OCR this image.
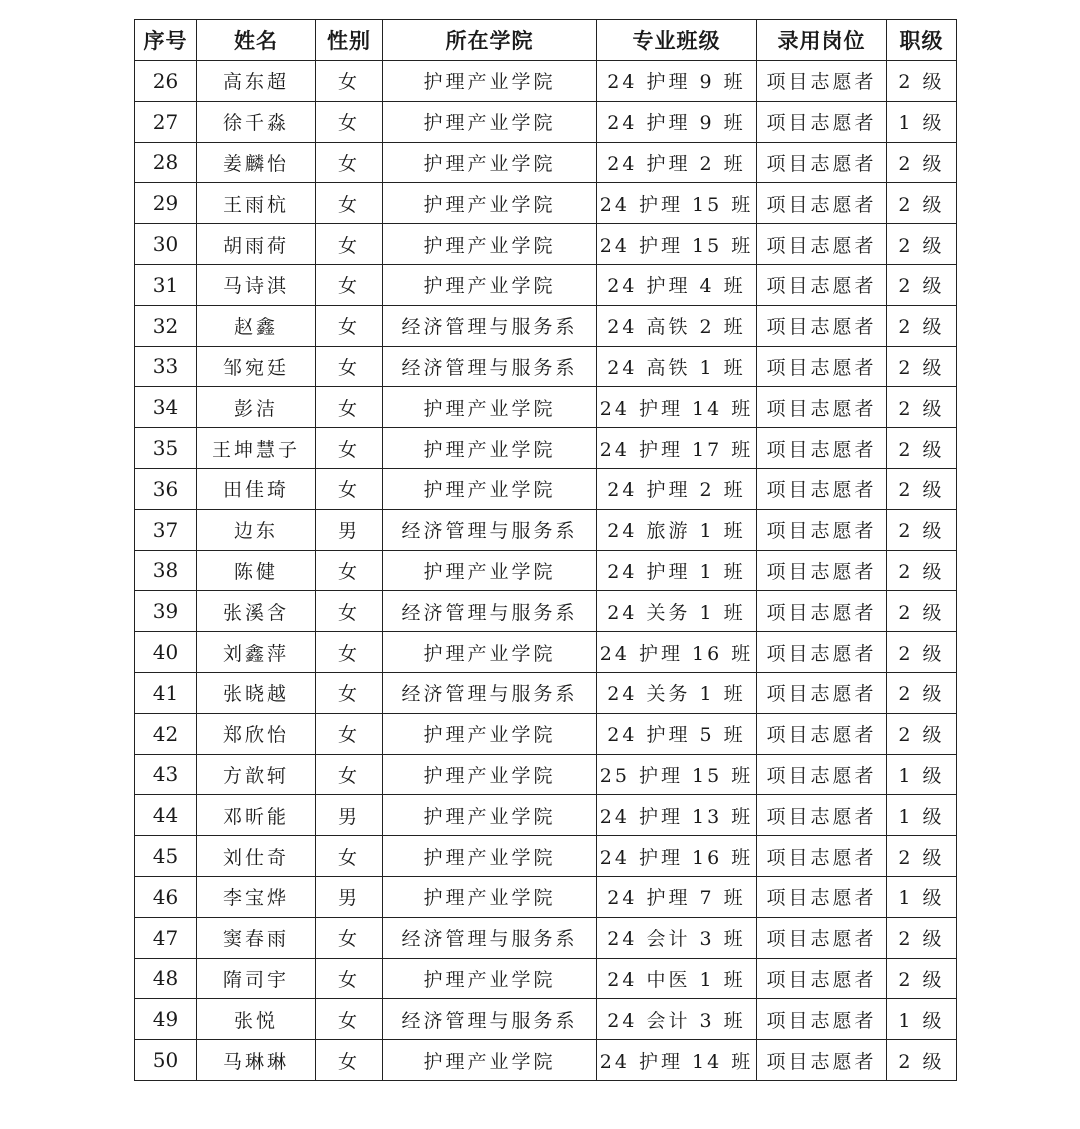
序号	姓名	性别	所在学院	专业班级	录用岗位	职级
26	高东超	女	护理产业学院	24 护理 9 班	项目志愿者	2 级
27	徐千淼	女	护理产业学院	24 护理 9 班	项目志愿者	1 级
28	姜麟怡	女	护理产业学院	24 护理 2 班	项目志愿者	2 级
29	王雨杭	女	护理产业学院	24 护理 15 班	项目志愿者	2 级
30	胡雨荷	女	护理产业学院	24 护理 15 班	项目志愿者	2 级
31	马诗淇	女	护理产业学院	24 护理 4 班	项目志愿者	2 级
32	赵鑫	女	经济管理与服务系	24 高铁 2 班	项目志愿者	2 级
33	邹宛廷	女	经济管理与服务系	24 高铁 1 班	项目志愿者	2 级
34	彭洁	女	护理产业学院	24 护理 14 班	项目志愿者	2 级
35	王坤慧子	女	护理产业学院	24 护理 17 班	项目志愿者	2 级
36	田佳琦	女	护理产业学院	24 护理 2 班	项目志愿者	2 级
37	边东	男	经济管理与服务系	24 旅游 1 班	项目志愿者	2 级
38	陈健	女	护理产业学院	24 护理 1 班	项目志愿者	2 级
39	张溪含	女	经济管理与服务系	24 关务 1 班	项目志愿者	2 级
40	刘鑫萍	女	护理产业学院	24 护理 16 班	项目志愿者	2 级
41	张晓越	女	经济管理与服务系	24 关务 1 班	项目志愿者	2 级
42	郑欣怡	女	护理产业学院	24 护理 5 班	项目志愿者	2 级
43	方歆轲	女	护理产业学院	25 护理 15 班	项目志愿者	1 级
44	邓昕能	男	护理产业学院	24 护理 13 班	项目志愿者	1 级
45	刘仕奇	女	护理产业学院	24 护理 16 班	项目志愿者	2 级
46	李宝烨	男	护理产业学院	24 护理 7 班	项目志愿者	1 级
47	窦春雨	女	经济管理与服务系	24 会计 3 班	项目志愿者	2 级
48	隋司宇	女	护理产业学院	24 中医 1 班	项目志愿者	2 级
49	张悦	女	经济管理与服务系	24 会计 3 班	项目志愿者	1 级
50	马琳琳	女	护理产业学院	24 护理 14 班	项目志愿者	2 级
